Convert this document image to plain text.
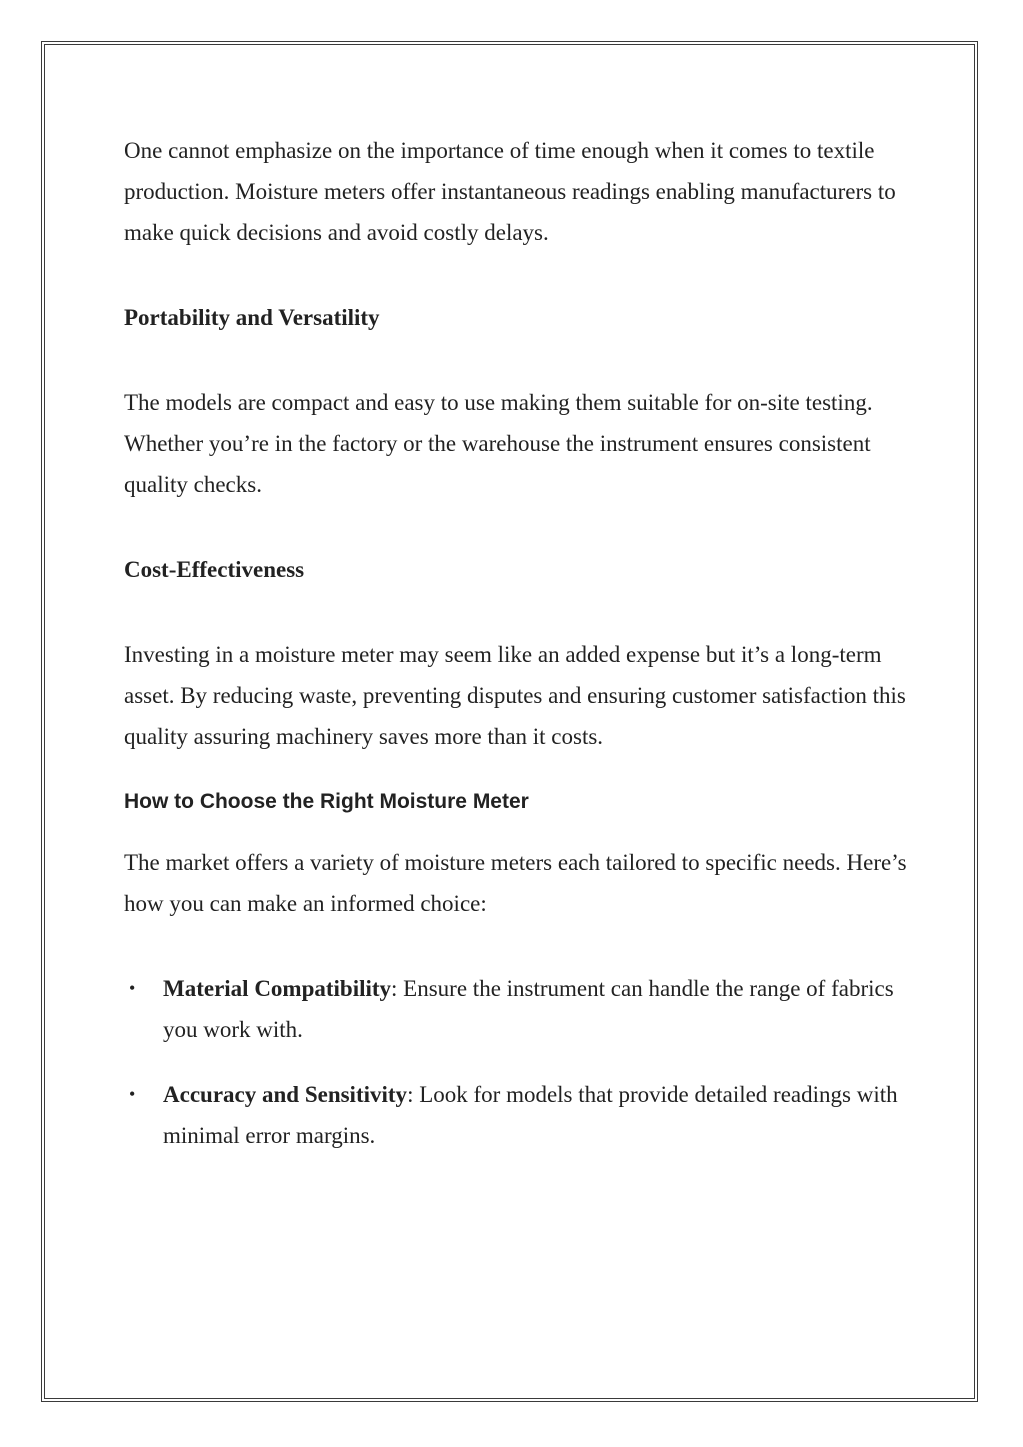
One cannot emphasize on the importance of time enough when it comes to textile production. Moisture meters offer instantaneous readings enabling manufacturers to make quick decisions and avoid costly delays.

Portability and Versatility

The models are compact and easy to use making them suitable for on-site testing. Whether you’re in the factory or the warehouse the instrument ensures consistent quality checks.

Cost-Effectiveness

Investing in a moisture meter may seem like an added expense but it’s a long-term asset. By reducing waste, preventing disputes and ensuring customer satisfaction this quality assuring machinery saves more than it costs.

How to Choose the Right Moisture Meter

The market offers a variety of moisture meters each tailored to specific needs. Here’s how you can make an informed choice:

• Material Compatibility: Ensure the instrument can handle the range of fabrics you work with.
• Accuracy and Sensitivity: Look for models that provide detailed readings with minimal error margins.
